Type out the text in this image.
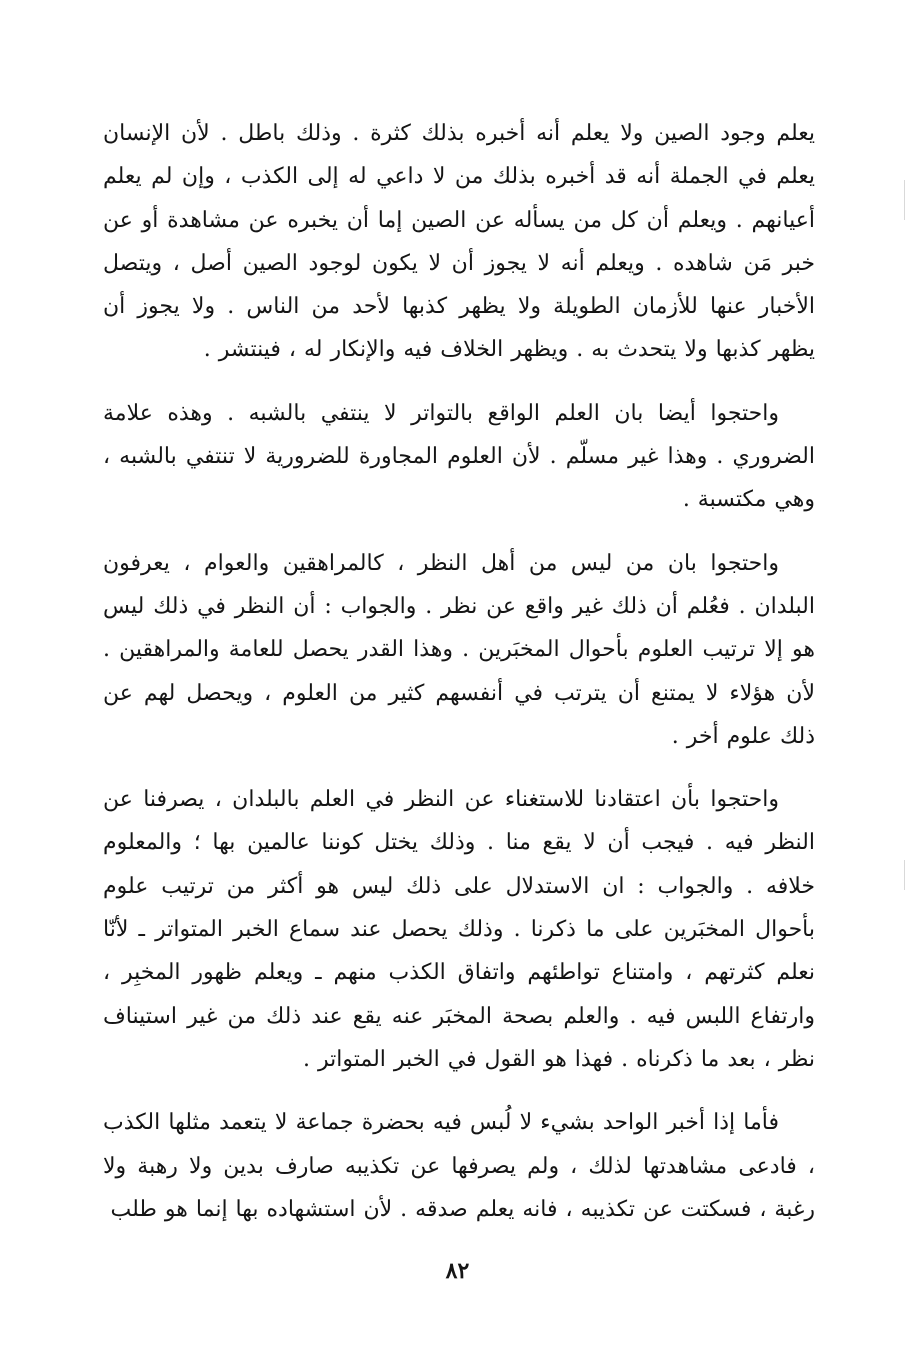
يعلم وجود الصين ولا يعلم أنه أخبره بذلك كثرة . وذلك باطل . لأن الإنسان يعلم في الجملة أنه قد أخبره بذلك من لا داعي له إلى الكذب ، وإن لم يعلم أعيانهم . ويعلم أن كل من يسأله عن الصين إما أن يخبره عن مشاهدة أو عن خبر مَن شاهده . ويعلم أنه لا يجوز أن لا يكون لوجود الصين أصل ، ويتصل الأخبار عنها للأزمان الطويلة ولا يظهر كذبها لأحد من الناس . ولا يجوز أن يظهر كذبها ولا يتحدث به . ويظهر الخلاف فيه والإنكار له ، فينتشر .

واحتجوا أيضا بان العلم الواقع بالتواتر لا ينتفي بالشبه . وهذه علامة الضروري . وهذا غير مسلّم . لأن العلوم المجاورة للضرورية لا تنتفي بالشبه ، وهي مكتسبة .

واحتجوا بان من ليس من أهل النظر ، كالمراهقين والعوام ، يعرفون البلدان . فعُلم أن ذلك غير واقع عن نظر . والجواب : أن النظر في ذلك ليس هو إلا ترتيب العلوم بأحوال المخبَرين . وهذا القدر يحصل للعامة والمراهقين . لأن هؤلاء لا يمتنع أن يترتب في أنفسهم كثير من العلوم ، ويحصل لهم عن ذلك علوم أخر .

واحتجوا بأن اعتقادنا للاستغناء عن النظر في العلم بالبلدان ، يصرفنا عن النظر فيه . فيجب أن لا يقع منا . وذلك يختل كوننا عالمين بها ؛ والمعلوم خلافه . والجواب : ان الاستدلال على ذلك ليس هو أكثر من ترتيب علوم بأحوال المخبَرين على ما ذكرنا . وذلك يحصل عند سماع الخبر المتواتر ـ لأنّا نعلم كثرتهم ، وامتناع تواطئهم واتفاق الكذب منهم ـ ويعلم ظهور المخبِر ، وارتفاع اللبس فيه . والعلم بصحة المخبَر عنه يقع عند ذلك من غير استيناف نظر ، بعد ما ذكرناه . فهذا هو القول في الخبر المتواتر .

فأما إذا أخبر الواحد بشيء لا لُبس فيه بحضرة جماعة لا يتعمد مثلها الكذب ، فادعى مشاهدتها لذلك ، ولم يصرفها عن تكذيبه صارف بدين ولا رهبة ولا رغبة ، فسكتت عن تكذيبه ، فانه يعلم صدقه . لأن استشهاده بها إنما هو طلب

٨٢
